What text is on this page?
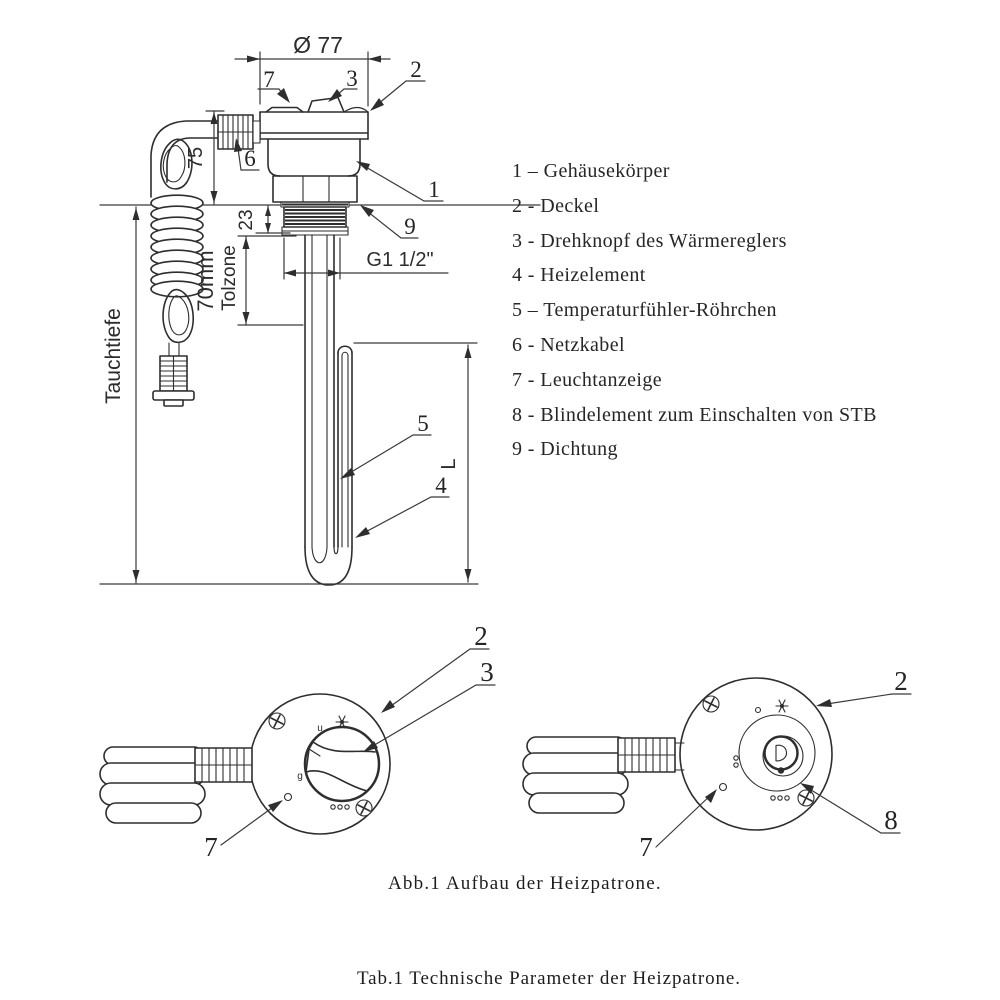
Ø 77
75
23
70mm Tolzone	G1 1/2"
L
Tauchtiefe
7	3 2
6
1
9
5
4
u
g
2
3
7
2
8
7
1 – Gehäusekörper
2 - Deckel
3 - Drehknopf des Wärmereglers
4 - Heizelement
5 – Temperaturfühler-Röhrchen
6 - Netzkabel
7 - Leuchtanzeige
8 - Blindelement zum Einschalten von STB
9 - Dichtung
Abb.1 Aufbau der Heizpatrone.
Tab.1 Technische Parameter der Heizpatrone.
